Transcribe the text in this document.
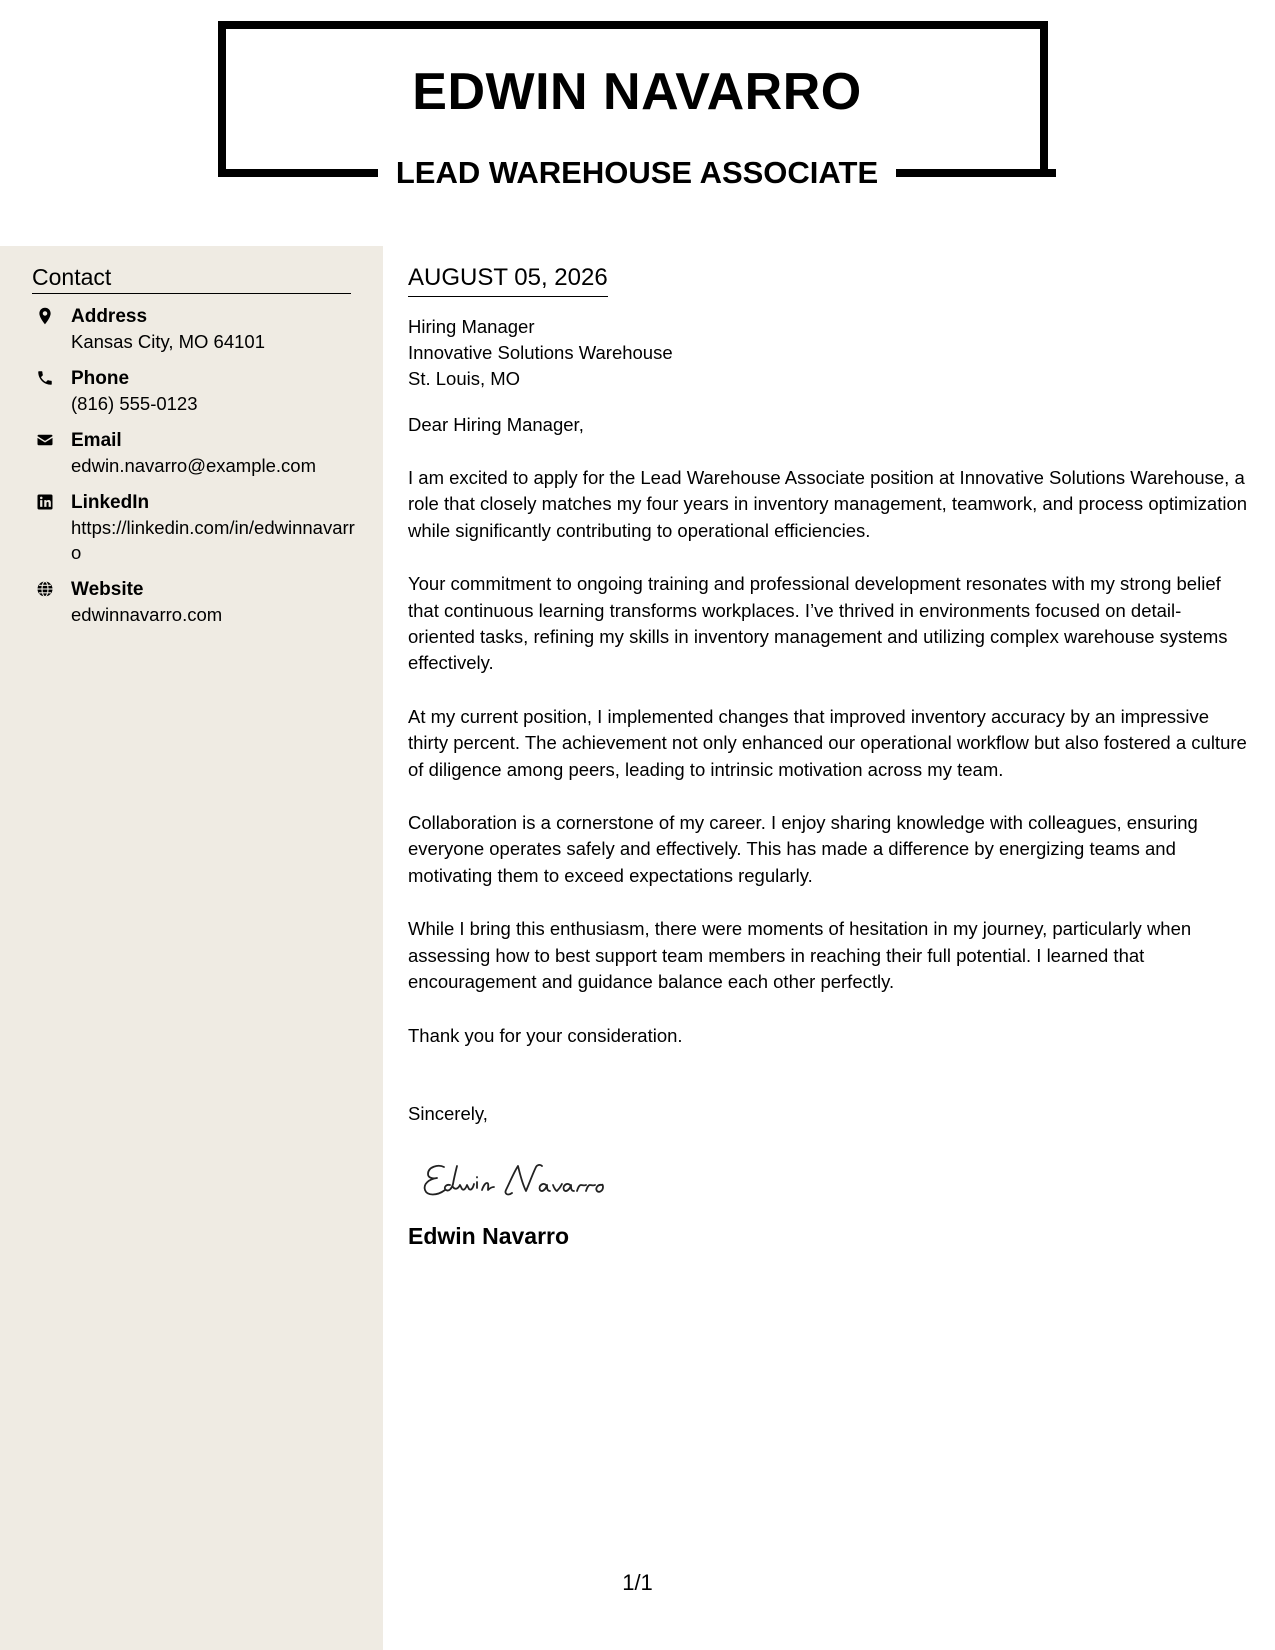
EDWIN NAVARRO
LEAD WAREHOUSE ASSOCIATE
Contact
Address
Kansas City, MO 64101
Phone
(816) 555-0123
Email
edwin.navarro@example.com
LinkedIn
https://linkedin.com/in/edwinnavarro
Website
edwinnavarro.com
AUGUST 05, 2026
Hiring Manager
Innovative Solutions Warehouse
St. Louis, MO
Dear Hiring Manager,
I am excited to apply for the Lead Warehouse Associate position at Innovative Solutions Warehouse, a role that closely matches my four years in inventory management, teamwork, and process optimization while significantly contributing to operational efficiencies.
Your commitment to ongoing training and professional development resonates with my strong belief that continuous learning transforms workplaces. I’ve thrived in environments focused on detail-oriented tasks, refining my skills in inventory management and utilizing complex warehouse systems effectively.
At my current position, I implemented changes that improved inventory accuracy by an impressive thirty percent. The achievement not only enhanced our operational workflow but also fostered a culture of diligence among peers, leading to intrinsic motivation across my team.
Collaboration is a cornerstone of my career. I enjoy sharing knowledge with colleagues, ensuring everyone operates safely and effectively. This has made a difference by energizing teams and motivating them to exceed expectations regularly.
While I bring this enthusiasm, there were moments of hesitation in my journey, particularly when assessing how to best support team members in reaching their full potential. I learned that encouragement and guidance balance each other perfectly.
Thank you for your consideration.
Sincerely,
Edwin Navarro
1/1
